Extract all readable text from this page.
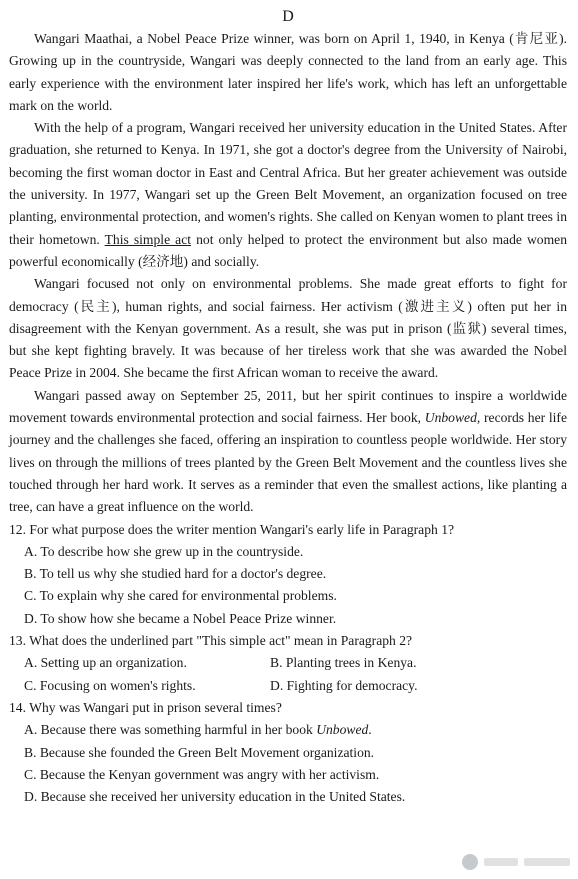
D

Wangari Maathai, a Nobel Peace Prize winner, was born on April 1, 1940, in Kenya (肯尼亚). Growing up in the countryside, Wangari was deeply connected to the land from an early age. This early experience with the environment later inspired her life's work, which has left an unforgettable mark on the world.

With the help of a program, Wangari received her university education in the United States. After graduation, she returned to Kenya. In 1971, she got a doctor's degree from the University of Nairobi, becoming the first woman doctor in East and Central Africa. But her greater achievement was outside the university. In 1977, Wangari set up the Green Belt Movement, an organization focused on tree planting, environmental protection, and women's rights. She called on Kenyan women to plant trees in their hometown. This simple act not only helped to protect the environment but also made women powerful economically (经济地) and socially.

Wangari focused not only on environmental problems. She made great efforts to fight for democracy (民主), human rights, and social fairness. Her activism (激进主义) often put her in disagreement with the Kenyan government. As a result, she was put in prison (监狱) several times, but she kept fighting bravely. It was because of her tireless work that she was awarded the Nobel Peace Prize in 2004. She became the first African woman to receive the award.

Wangari passed away on September 25, 2011, but her spirit continues to inspire a worldwide movement towards environmental protection and social fairness. Her book, Unbowed, records her life journey and the challenges she faced, offering an inspiration to countless people worldwide. Her story lives on through the millions of trees planted by the Green Belt Movement and the countless lives she touched through her hard work. It serves as a reminder that even the smallest actions, like planting a tree, can have a great influence on the world.

12. For what purpose does the writer mention Wangari's early life in Paragraph 1?

A. To describe how she grew up in the countryside.

B. To tell us why she studied hard for a doctor's degree.

C. To explain why she cared for environmental problems.

D. To show how she became a Nobel Peace Prize winner.

13. What does the underlined part "This simple act" mean in Paragraph 2?

A. Setting up an organization.	B. Planting trees in Kenya.
C. Focusing on women's rights.	D. Fighting for democracy.

14. Why was Wangari put in prison several times?

A. Because there was something harmful in her book Unbowed.

B. Because she founded the Green Belt Movement organization.

C. Because the Kenyan government was angry with her activism.

D. Because she received her university education in the United States.
